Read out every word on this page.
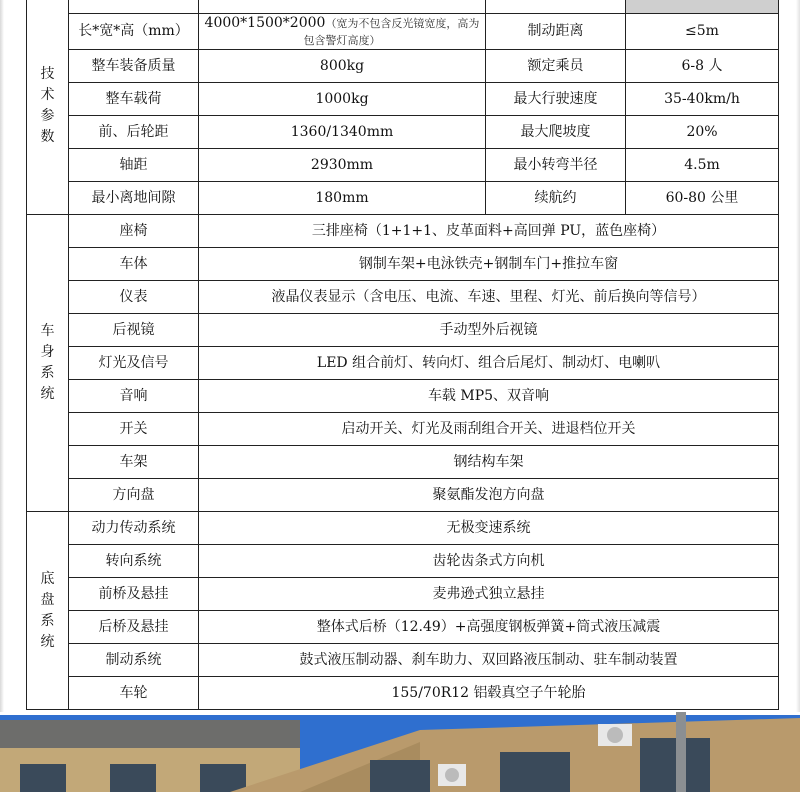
技术参数				
	长*宽*高（mm）	4000*1500*2000（宽为不包含反光镜宽度，高为包含警灯高度）	制动距离	≤5m
	整车装备质量	800kg	额定乘员	6-8 人
	整车载荷	1000kg	最大行驶速度	35-40km/h
	前、后轮距	1360/1340mm	最大爬坡度	20%
	轴距	2930mm	最小转弯半径	4.5m
	最小离地间隙	180mm	续航约	60-80 公里
车身系统	座椅	三排座椅（1+1+1、皮革面料+高回弹 PU，蓝色座椅）		
	车体	钢制车架+电泳铁壳+钢制车门+推拉车窗		
	仪表	液晶仪表显示（含电压、电流、车速、里程、灯光、前后换向等信号）		
	后视镜	手动型外后视镜		
	灯光及信号	LED 组合前灯、转向灯、组合后尾灯、制动灯、电喇叭		
	音响	车载 MP5、双音响		
	开关	启动开关、灯光及雨刮组合开关、进退档位开关		
	车架	钢结构车架		
	方向盘	聚氨酯发泡方向盘		
底盘系统	动力传动系统	无极变速系统		
	转向系统	齿轮齿条式方向机		
	前桥及悬挂	麦弗逊式独立悬挂		
	后桥及悬挂	整体式后桥（12.49）+高强度钢板弹簧+筒式液压减震		
	制动系统	鼓式液压制动器、刹车助力、双回路液压制动、驻车制动装置		
	车轮	155/70R12 铝毂真空子午轮胎		
